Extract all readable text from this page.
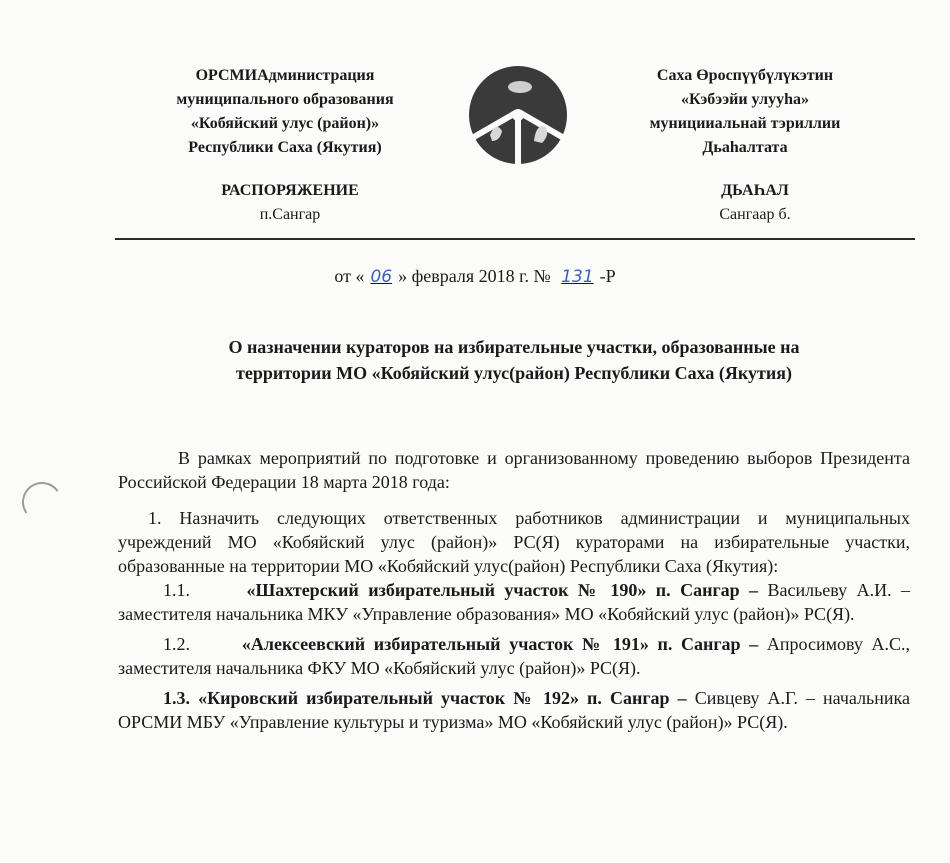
ОРСМИАдминистрация
муниципального образования
«Кобяйский улус (район)»
Республики Саха (Якутия)
Саха Өроспүүбүлүкэтин
«Кэбээйи улууһа»
муницииальнай тэриллии
Дьаһалтата
РАСПОРЯЖЕНИЕ
п.Сангар
ДЬАҺАЛ
Сангаар б.
от « 06 » февраля 2018 г. № 131 -Р
О назначении кураторов на избирательные участки, образованные на
территории МО «Кобяйский улус(район) Республики Саха (Якутия)

В рамках мероприятий по подготовке и организованному проведению выборов Президента Российской Федерации 18 марта 2018 года:

1. Назначить следующих ответственных работников администрации и муниципальных учреждений МО «Кобяйский улус (район)» РС(Я) кураторами на избирательные участки, образованные на территории МО «Кобяйский улус(район) Республики Саха (Якутия):

1.1.	«Шахтерский избирательный участок № 190» п. Сангар – Васильеву А.И. – заместителя начальника МКУ «Управление образования» МО «Кобяйский улус (район)» РС(Я).

1.2.	«Алексеевский избирательный участок № 191» п. Сангар – Апросимову А.С., заместителя начальника ФКУ МО «Кобяйский улус (район)» РС(Я).

1.3. «Кировский избирательный участок № 192» п. Сангар – Сивцеву А.Г. – начальника ОРСМИ МБУ «Управление культуры и туризма» МО «Кобяйский улус (район)» РС(Я).
